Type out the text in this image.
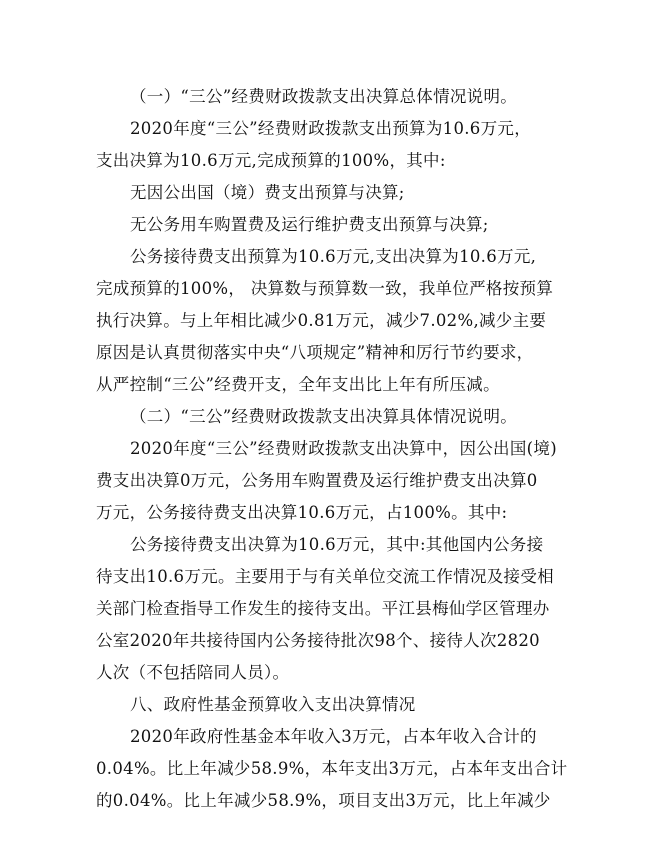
（一）“三公”经费财政拨款支出决算总体情况说明。
2020年度“三公”经费财政拨款支出预算为10.6万元，
支出决算为10.6万元,完成预算的100%，其中:
无因公出国（境）费支出预算与决算;
无公务用车购置费及运行维护费支出预算与决算;
公务接待费支出预算为10.6万元,支出决算为10.6万元,
完成预算的100%， 决算数与预算数一致，我单位严格按预算
执行决算。与上年相比减少0.81万元，减少7.02%,减少主要
原因是认真贯彻落实中央“八项规定”精神和厉行节约要求，
从严控制“三公”经费开支，全年支出比上年有所压减。
（二）“三公”经费财政拨款支出决算具体情况说明。
2020年度“三公”经费财政拨款支出决算中，因公出国(境)
费支出决算0万元，公务用车购置费及运行维护费支出决算0
万元，公务接待费支出决算10.6万元，占100%。其中:
公务接待费支出决算为10.6万元，其中:其他国内公务接
待支出10.6万元。主要用于与有关单位交流工作情况及接受相
关部门检查指导工作发生的接待支出。平江县梅仙学区管理办
公室2020年共接待国内公务接待批次98个、接待人次2820
人次（不包括陪同人员）。
八、政府性基金预算收入支出决算情况
2020年政府性基金本年收入3万元，占本年收入合计的
0.04%。比上年减少58.9%，本年支出3万元，占本年支出合计
的0.04%。比上年减少58.9%，项目支出3万元，比上年减少
